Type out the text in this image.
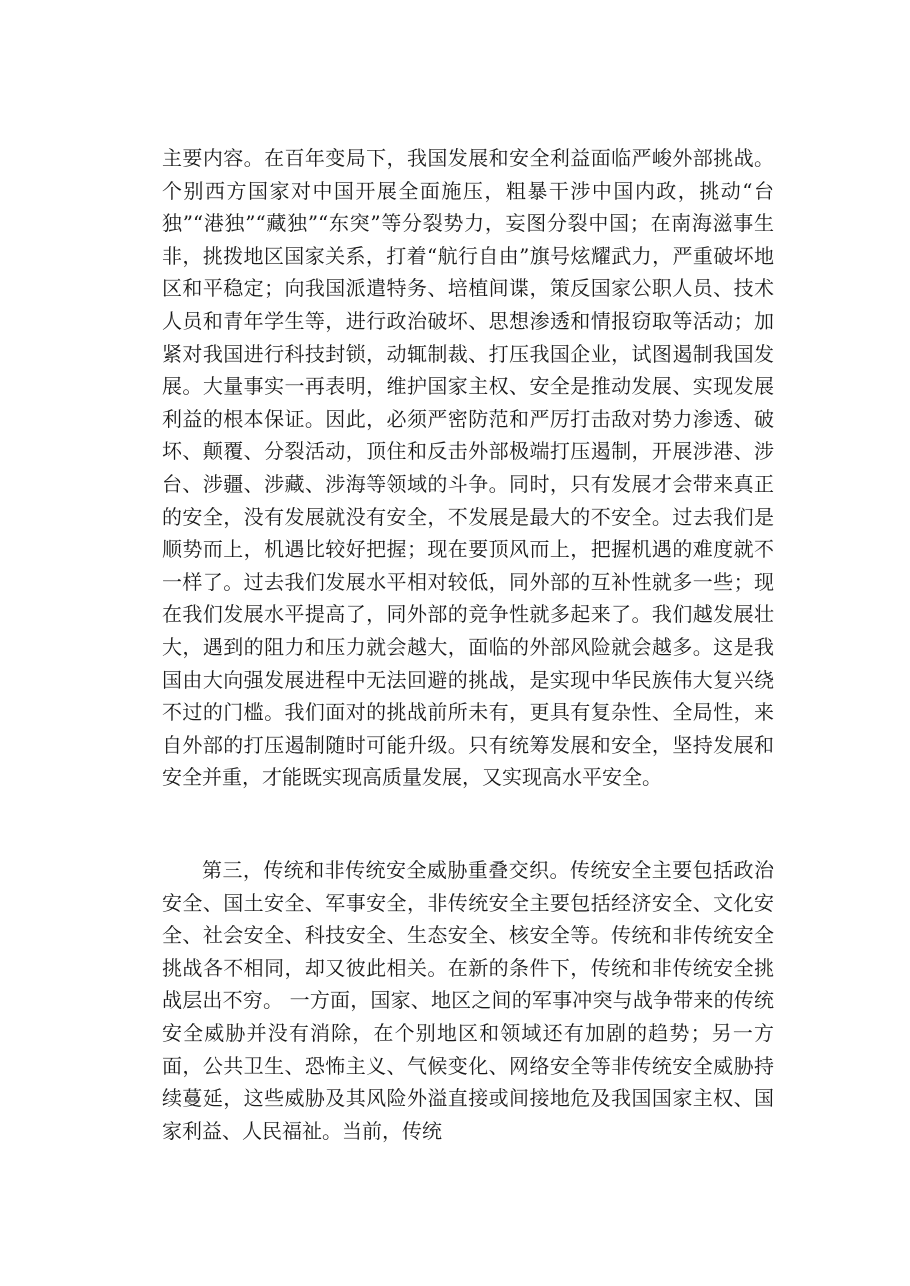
主要内容。在百年变局下，我国发展和安全利益面临严峻外部挑战。个别西方国家对中国开展全面施压，粗暴干涉中国内政，挑动“台独”“港独”“藏独”“东突”等分裂势力，妄图分裂中国；在南海滋事生非，挑拨地区国家关系，打着“航行自由”旗号炫耀武力，严重破坏地区和平稳定；向我国派遣特务、培植间谍，策反国家公职人员、技术人员和青年学生等，进行政治破坏、思想渗透和情报窃取等活动；加紧对我国进行科技封锁，动辄制裁、打压我国企业，试图遏制我国发展。大量事实一再表明，维护国家主权、安全是推动发展、实现发展利益的根本保证。因此，必须严密防范和严厉打击敌对势力渗透、破坏、颠覆、分裂活动，顶住和反击外部极端打压遏制，开展涉港、涉台、涉疆、涉藏、涉海等领域的斗争。同时，只有发展才会带来真正的安全，没有发展就没有安全，不发展是最大的不安全。过去我们是顺势而上，机遇比较好把握；现在要顶风而上，把握机遇的难度就不一样了。过去我们发展水平相对较低，同外部的互补性就多一些；现在我们发展水平提高了，同外部的竞争性就多起来了。我们越发展壮大，遇到的阻力和压力就会越大，面临的外部风险就会越多。这是我国由大向强发展进程中无法回避的挑战，是实现中华民族伟大复兴绕不过的门槛。我们面对的挑战前所未有，更具有复杂性、全局性，来自外部的打压遏制随时可能升级。只有统筹发展和安全，坚持发展和安全并重，才能既实现高质量发展，又实现高水平安全。

第三，传统和非传统安全威胁重叠交织。传统安全主要包括政治安全、国土安全、军事安全，非传统安全主要包括经济安全、文化安全、社会安全、科技安全、生态安全、核安全等。传统和非传统安全挑战各不相同，却又彼此相关。在新的条件下，传统和非传统安全挑战层出不穷。 一方面，国家、地区之间的军事冲突与战争带来的传统安全威胁并没有消除，在个别地区和领域还有加剧的趋势；另一方面，公共卫生、恐怖主义、气候变化、网络安全等非传统安全威胁持续蔓延，这些威胁及其风险外溢直接或间接地危及我国国家主权、国家利益、人民福祉。当前，传统
